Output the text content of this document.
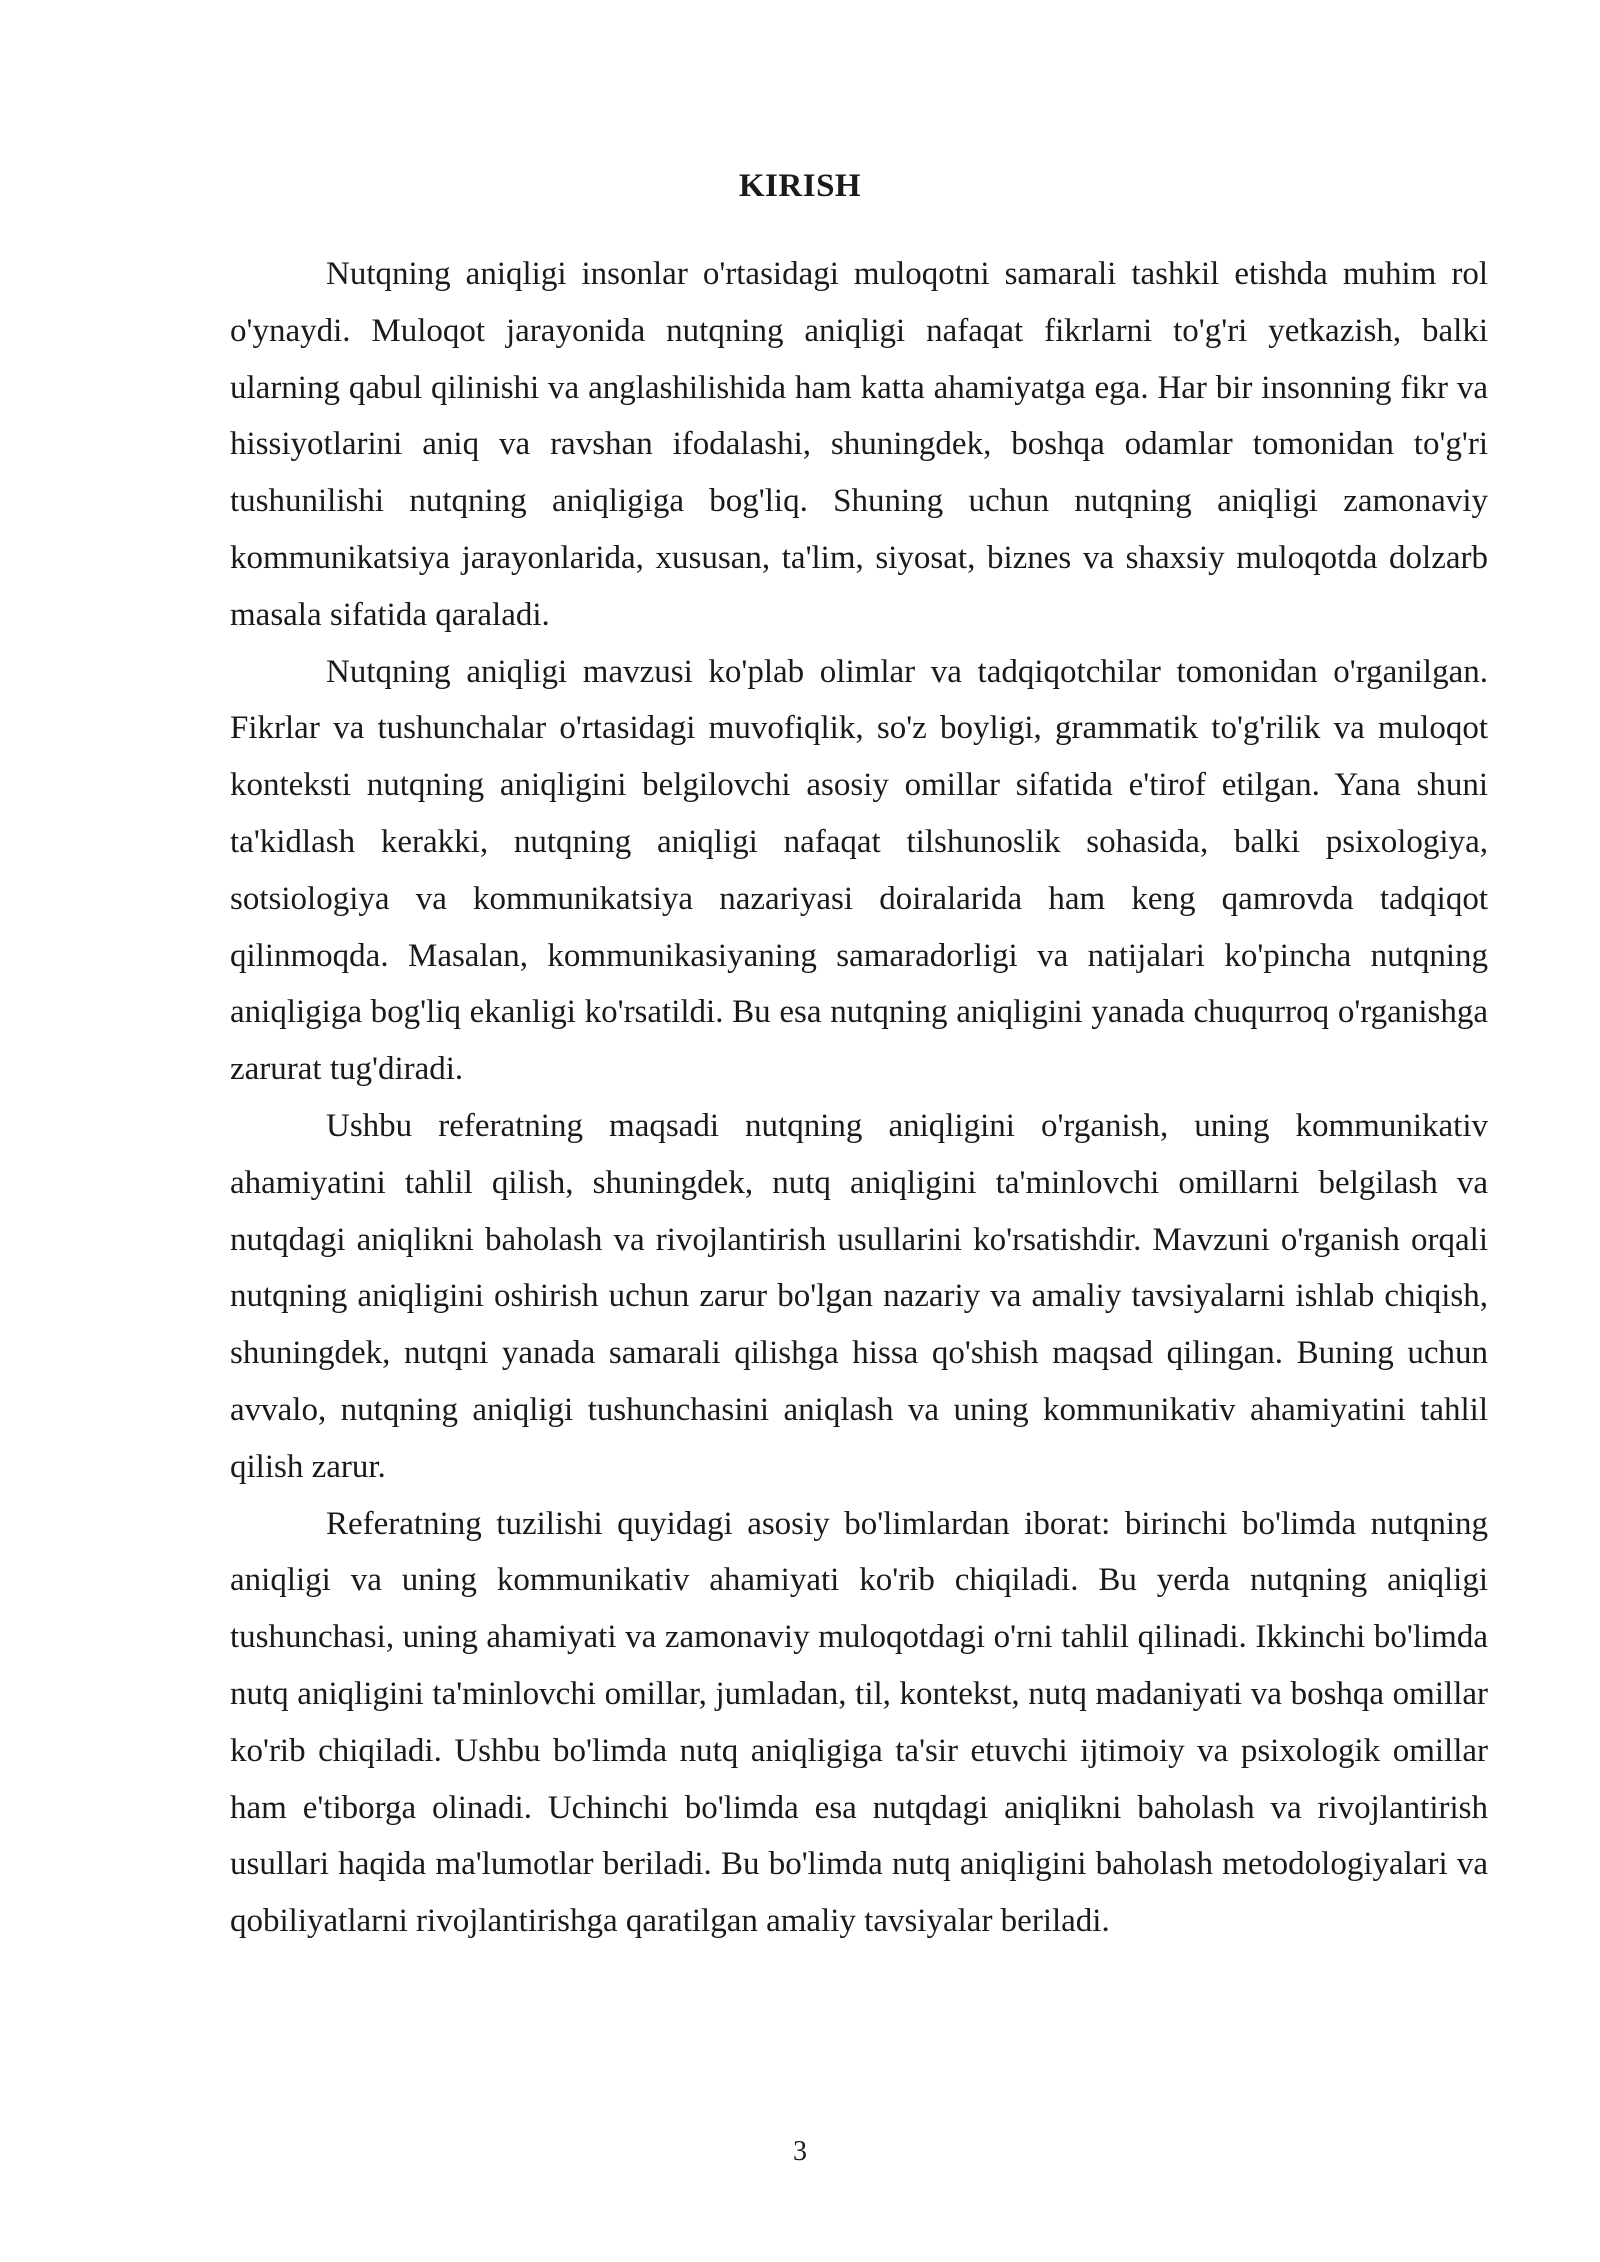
KIRISH

Nutqning aniqligi insonlar o'rtasidagi muloqotni samarali tashkil etishda muhim rol o'ynaydi. Muloqot jarayonida nutqning aniqligi nafaqat fikrlarni to'g'ri yetkazish, balki ularning qabul qilinishi va anglashilishida ham katta ahamiyatga ega. Har bir insonning fikr va hissiyotlarini aniq va ravshan ifodalashi, shuningdek, boshqa odamlar tomonidan to'g'ri tushunilishi nutqning aniqligiga bog'liq. Shuning uchun nutqning aniqligi zamonaviy kommunikatsiya jarayonlarida, xususan, ta'lim, siyosat, biznes va shaxsiy muloqotda dolzarb masala sifatida qaraladi.

Nutqning aniqligi mavzusi ko'plab olimlar va tadqiqotchilar tomonidan o'rganilgan. Fikrlar va tushunchalar o'rtasidagi muvofiqlik, so'z boyligi, grammatik to'g'rilik va muloqot konteksti nutqning aniqligini belgilovchi asosiy omillar sifatida e'tirof etilgan. Yana shuni ta'kidlash kerakki, nutqning aniqligi nafaqat tilshunoslik sohasida, balki psixologiya, sotsiologiya va kommunikatsiya nazariyasi doiralarida ham keng qamrovda tadqiqot qilinmoqda. Masalan, kommunikasiyaning samaradorligi va natijalari ko'pincha nutqning aniqligiga bog'liq ekanligi ko'rsatildi. Bu esa nutqning aniqligini yanada chuqurroq o'rganishga zarurat tug'diradi.

Ushbu referatning maqsadi nutqning aniqligini o'rganish, uning kommunikativ ahamiyatini tahlil qilish, shuningdek, nutq aniqligini ta'minlovchi omillarni belgilash va nutqdagi aniqlikni baholash va rivojlantirish usullarini ko'rsatishdir. Mavzuni o'rganish orqali nutqning aniqligini oshirish uchun zarur bo'lgan nazariy va amaliy tavsiyalarni ishlab chiqish, shuningdek, nutqni yanada samarali qilishga hissa qo'shish maqsad qilingan. Buning uchun avvalo, nutqning aniqligi tushunchasini aniqlash va uning kommunikativ ahamiyatini tahlil qilish zarur.

Referatning tuzilishi quyidagi asosiy bo'limlardan iborat: birinchi bo'limda nutqning aniqligi va uning kommunikativ ahamiyati ko'rib chiqiladi. Bu yerda nutqning aniqligi tushunchasi, uning ahamiyati va zamonaviy muloqotdagi o'rni tahlil qilinadi. Ikkinchi bo'limda nutq aniqligini ta'minlovchi omillar, jumladan, til, kontekst, nutq madaniyati va boshqa omillar ko'rib chiqiladi. Ushbu bo'limda nutq aniqligiga ta'sir etuvchi ijtimoiy va psixologik omillar ham e'tiborga olinadi. Uchinchi bo'limda esa nutqdagi aniqlikni baholash va rivojlantirish usullari haqida ma'lumotlar beriladi. Bu bo'limda nutq aniqligini baholash metodologiyalari va qobiliyatlarni rivojlantirishga qaratilgan amaliy tavsiyalar beriladi.

3
